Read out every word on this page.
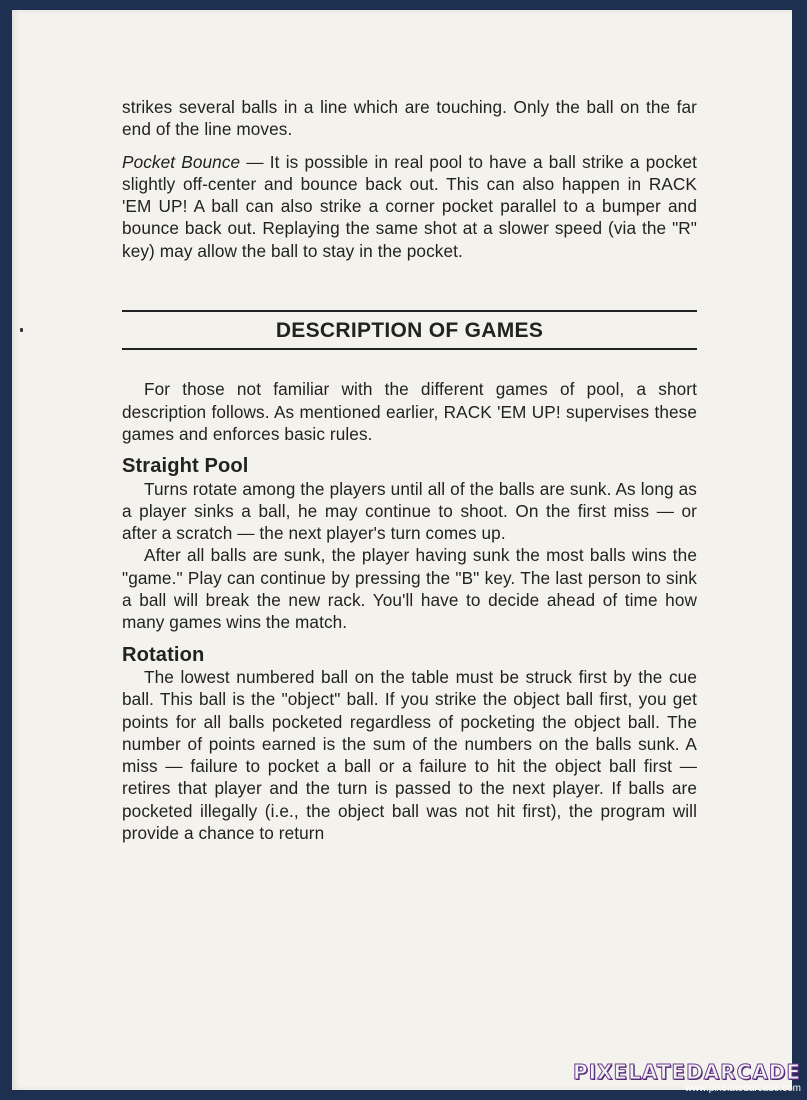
strikes several balls in a line which are touching. Only the ball on the far end of the line moves.

Pocket Bounce — It is possible in real pool to have a ball strike a pocket slightly off-center and bounce back out. This can also happen in RACK 'EM UP! A ball can also strike a corner pocket parallel to a bumper and bounce back out. Replaying the same shot at a slower speed (via the "R" key) may allow the ball to stay in the pocket.

DESCRIPTION OF GAMES

For those not familiar with the different games of pool, a short description follows. As mentioned earlier, RACK 'EM UP! supervises these games and enforces basic rules.

Straight Pool

Turns rotate among the players until all of the balls are sunk. As long as a player sinks a ball, he may continue to shoot. On the first miss — or after a scratch — the next player's turn comes up.

After all balls are sunk, the player having sunk the most balls wins the "game." Play can continue by pressing the "B" key. The last person to sink a ball will break the new rack. You'll have to decide ahead of time how many games wins the match.

Rotation

The lowest numbered ball on the table must be struck first by the cue ball. This ball is the "object" ball. If you strike the object ball first, you get points for all balls pocketed regardless of pocketing the object ball. The number of points earned is the sum of the numbers on the balls sunk. A miss — failure to pocket a ball or a failure to hit the object ball first — retires that player and the turn is passed to the next player. If balls are pocketed illegally (i.e., the object ball was not hit first), the program will provide a chance to return

PIXELATEDARCADE
www.pixelatedarcade.com
